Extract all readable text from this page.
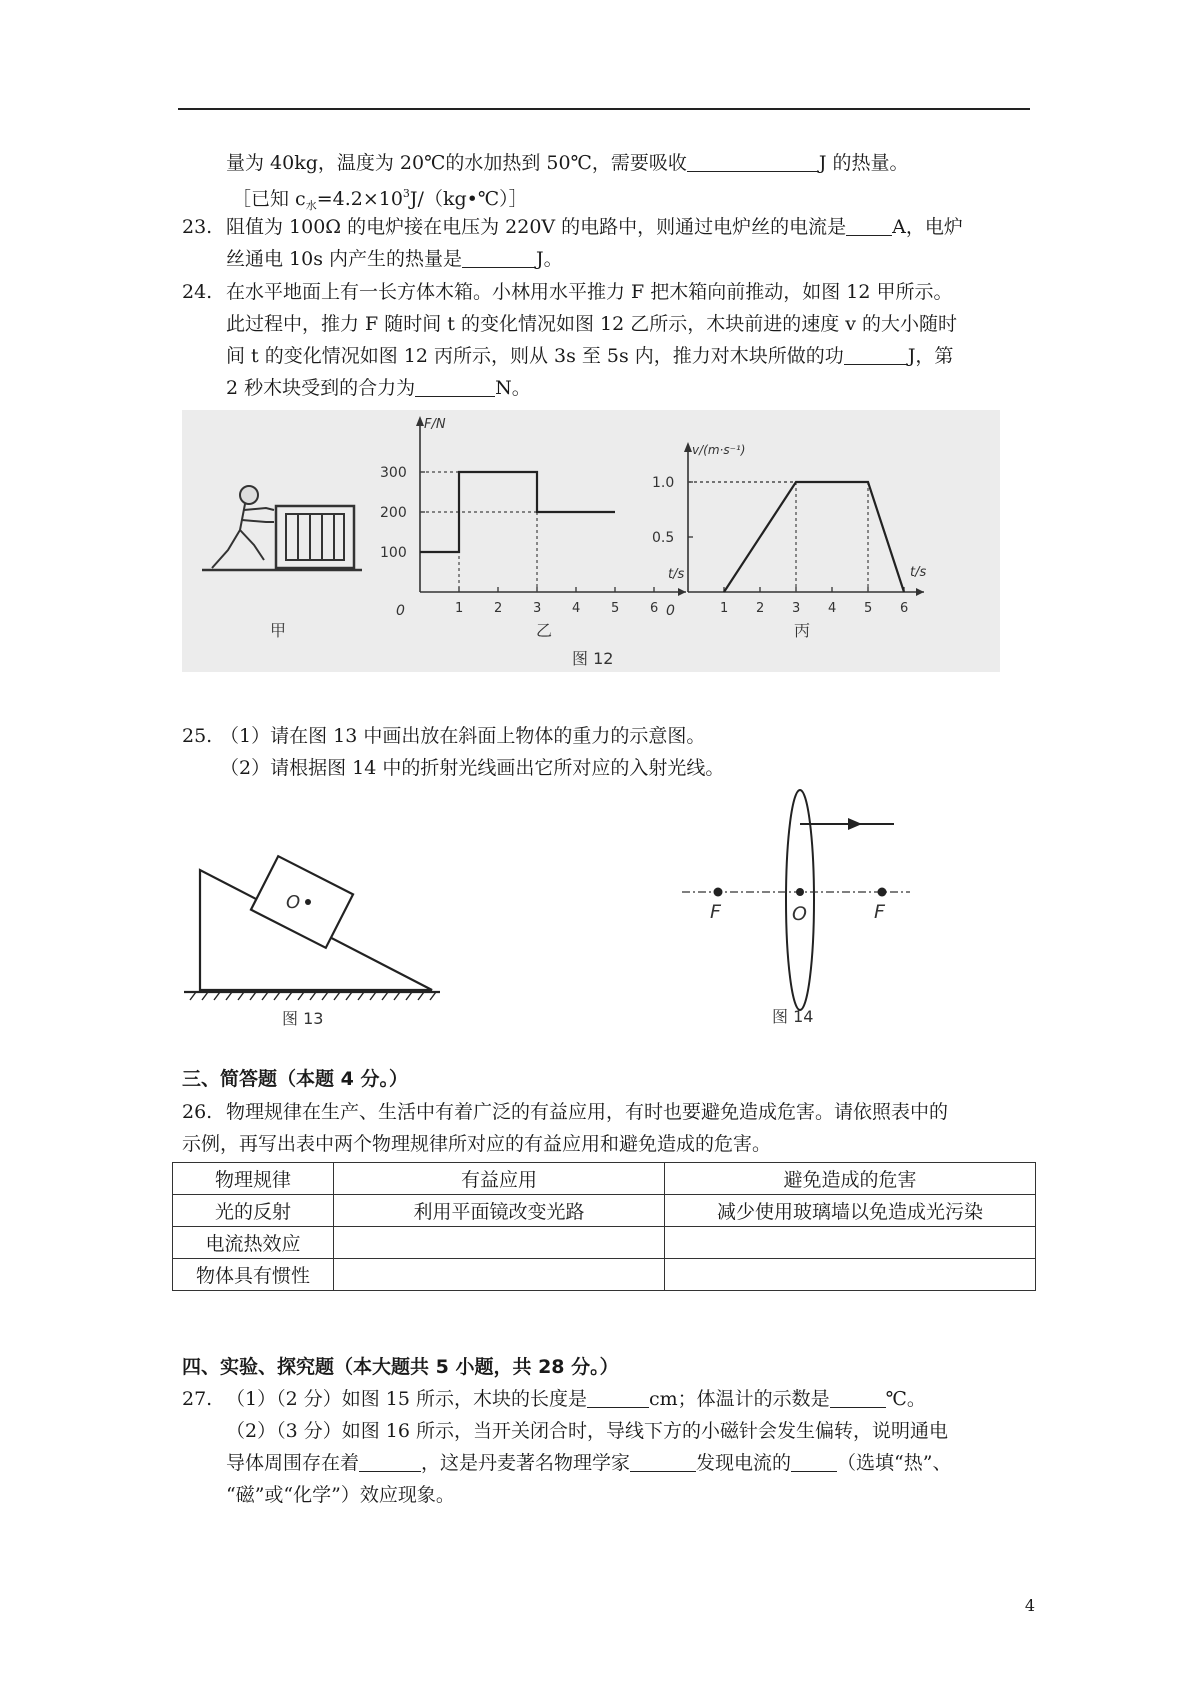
量为 40kg，温度为 20℃的水加热到 50℃，需要吸收	J 的热量。
［已知 $c_水=4.2\times 10^3J/(kg•℃)]$
23. 阻值为 100Ω 的电炉接在电压为 220V 的电路中，则通过电炉丝的电流是 A，电炉
丝通电 10s 内产生的热量是	J。
24. 在水平地面上有一长方体木箱。小林用水平推力 F 把木箱向前推动，如图 12 甲所示。
此过程中，推力 F 随时间 t 的变化情况如图 12 乙所示，木块前进的速度 v 的大小随时
间 t 的变化情况如图 12 丙所示，则从 3s 至 5s 内，推力对木块所做的功	J，第
2 秒木块受到的合力为	N。
甲
F/N
t/s
0
100
200
300
1 2 3 4 5 6
乙
v/(m·s⁻¹)
t/s
0
0.5
1.0
1 2 3 4 5 6
丙
图 12
25. （1）请在图 13 中画出放在斜面上物体的重力的示意图。
（2）请根据图 14 中的折射光线画出它所对应的入射光线。
O
图 13
F	O	F
图 14
三、简答题（本题 4 分。）
26. 物理规律在生产、生活中有着广泛的有益应用，有时也要避免造成危害。请依照表中的
示例，再写出表中两个物理规律所对应的有益应用和避免造成的危害。
物理规律	有益应用	避免造成的危害
光的反射	利用平面镜改变光路	减少使用玻璃墙以免造成光污染
电流热效应		
物体具有惯性		
四、实验、探究题（本大题共 5 小题，共 28 分。）
27. （1）（2 分）如图 15 所示，木块的长度是	cm；体温计的示数是	℃。
（2）（3 分）如图 16 所示，当开关闭合时，导线下方的小磁针会发生偏转，说明通电
导体周围存在着	，这是丹麦著名物理学家	发现电流的 （选填“热”、
“磁”或“化学”）效应现象。
4
